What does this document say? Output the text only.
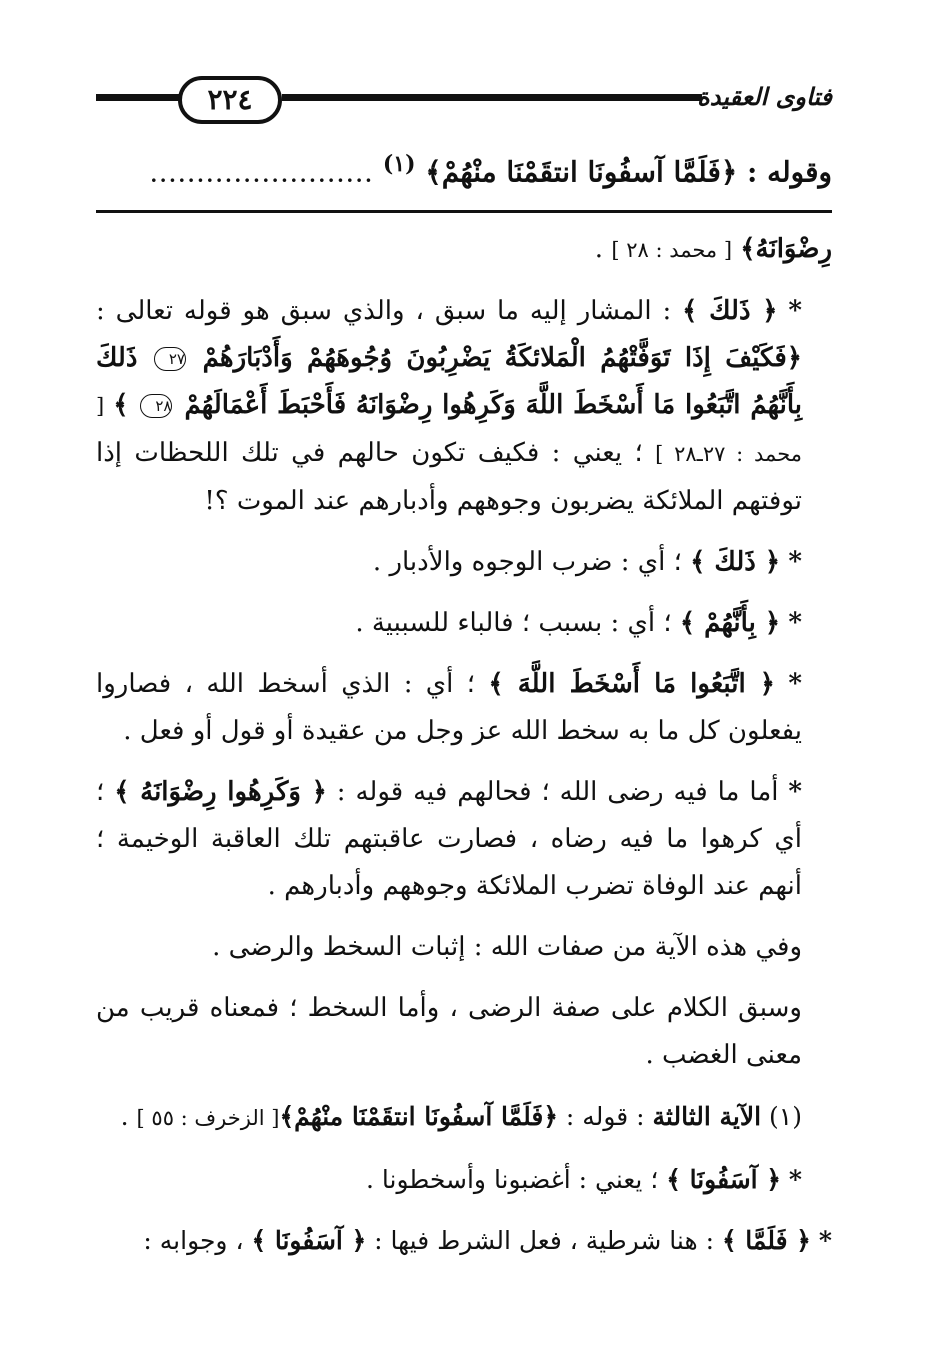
٢٢٤	فتاوى العقيدة
وقوله : ﴿فَلَمَّا آسفُونَا انتقَمْنَا منْهُمْ﴾ $^{(١)}$ ……………………

رِضْوَانَهُ﴾ [ محمد : ٢٨ ] .

* ﴿ ذَلكَ ﴾ : المشار إليه ما سبق ، والذي سبق هو قوله تعالى : ﴿فَكَيْفَ إِذَا تَوَفَّتْهُمُ الْمَلائكَةُ يَضْرِبُونَ وُجُوهَهُمْ وَأَدْبَارَهُمْ ٢٧ ذَلكَ بِأَنَّهُمُ اتَّبَعُوا مَا أَسْخَطَ اللَّهَ وَكَرِهُوا رِضْوَانَهُ فَأَحْبَطَ أَعْمَالَهُمْ ٢٨ ﴾ [ محمد : ٢٧ـ٢٨ ] ؛ يعني : فكيف تكون حالهم في تلك اللحظات إذا توفتهم الملائكة يضربون وجوههم وأدبارهم عند الموت ؟!

* ﴿ ذَلكَ ﴾ ؛ أي : ضرب الوجوه والأدبار .

* ﴿ بِأَنَّهُمْ ﴾ ؛ أي : بسبب ؛ فالباء للسببية .

* ﴿ اتَّبَعُوا مَا أَسْخَطَ اللَّهَ ﴾ ؛ أي : الذي أسخط الله ، فصاروا يفعلون كل ما به سخط الله عز وجل من عقيدة أو قول أو فعل .

* أما ما فيه رضى الله ؛ فحالهم فيه قوله : ﴿ وَكَرِهُوا رِضْوَانَهُ ﴾ ؛ أي كرهوا ما فيه رضاه ، فصارت عاقبتهم تلك العاقبة الوخيمة ؛ أنهم عند الوفاة تضرب الملائكة وجوههم وأدبارهم .

وفي هذه الآية من صفات الله : إثبات السخط والرضى .

وسبق الكلام على صفة الرضى ، وأما السخط ؛ فمعناه قريب من معنى الغضب .

(١) الآية الثالثة : قوله : ﴿فَلَمَّا آسفُونَا انتقَمْنَا منْهُمْ﴾[ الزخرف : ٥٥ ] .

* ﴿ آسَفُونَا ﴾ ؛ يعني : أغضبونا وأسخطونا .

* ﴿ فَلَمَّا ﴾ : هنا شرطية ، فعل الشرط فيها : ﴿ آسَفُونَا ﴾ ، وجوابه :
